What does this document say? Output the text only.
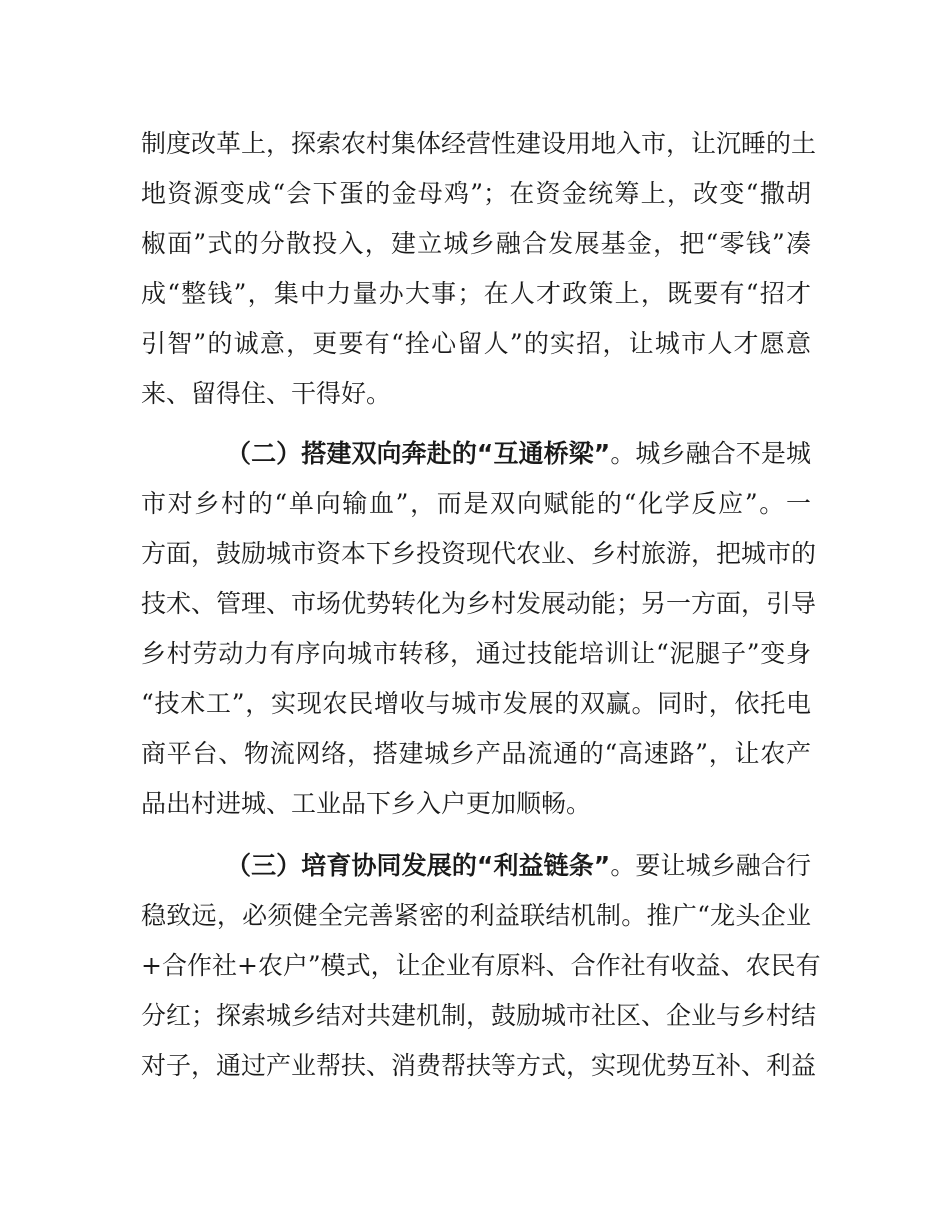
制度改革上，探索农村集体经营性建设用地入市，让沉睡的土
地资源变成“会下蛋的金母鸡”；在资金统筹上，改变“撒胡
椒面”式的分散投入，建立城乡融合发展基金，把“零钱”凑
成“整钱”，集中力量办大事；在人才政策上，既要有“招才
引智”的诚意，更要有“拴心留人”的实招，让城市人才愿意
来、留得住、干得好。
（二）搭建双向奔赴的“互通桥梁”。城乡融合不是城
市对乡村的“单向输血”，而是双向赋能的“化学反应”。一
方面，鼓励城市资本下乡投资现代农业、乡村旅游，把城市的
技术、管理、市场优势转化为乡村发展动能；另一方面，引导
乡村劳动力有序向城市转移，通过技能培训让“泥腿子”变身
“技术工”，实现农民增收与城市发展的双赢。同时，依托电
商平台、物流网络，搭建城乡产品流通的“高速路”，让农产
品出村进城、工业品下乡入户更加顺畅。
（三）培育协同发展的“利益链条”。要让城乡融合行
稳致远，必须健全完善紧密的利益联结机制。推广“龙头企业
+合作社+农户”模式，让企业有原料、合作社有收益、农民有
分红；探索城乡结对共建机制，鼓励城市社区、企业与乡村结
对子，通过产业帮扶、消费帮扶等方式，实现优势互补、利益
